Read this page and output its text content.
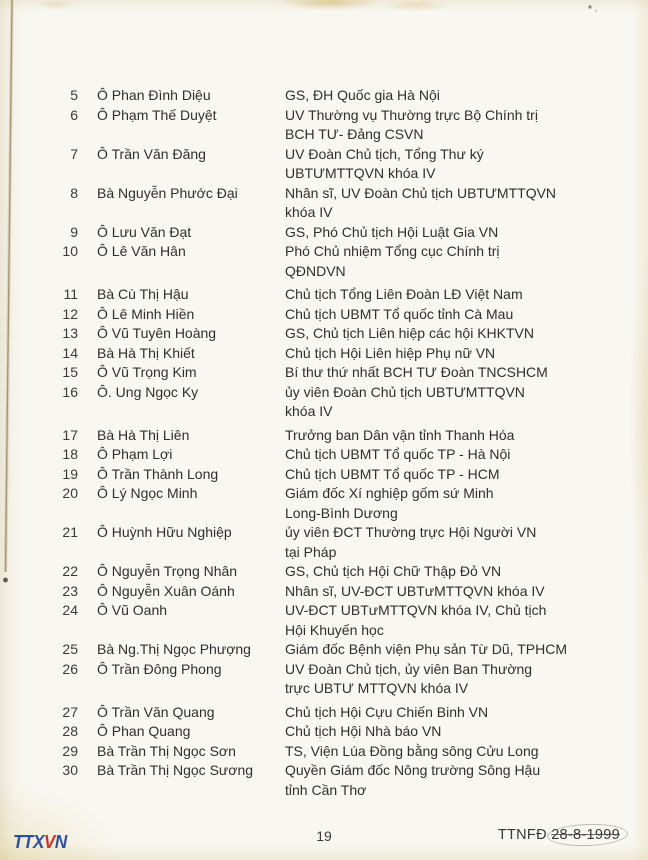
5 Ô Phan Đình Diệu	GS, ĐH Quốc gia Hà Nội
6 Ô Phạm Thế Duyệt	UV Thường vụ Thường trực Bộ Chính trị
BCH TƯ- Đảng CSVN
7 Ô Trần Văn Đăng	UV Đoàn Chủ tịch, Tổng Thư ký
UBTƯMTTQVN khóa IV
8 Bà Nguyễn Phước Đại	Nhân sĩ, UV Đoàn Chủ tịch UBTƯMTTQVN
khóa IV
9 Ô Lưu Văn Đạt	GS, Phó Chủ tịch Hội Luật Gia VN
10 Ô Lê Văn Hân	Phó Chủ nhiệm Tổng cục Chính trị
QĐNDVN
11 Bà Cù Thị Hậu	Chủ tịch Tổng Liên Đoàn LĐ Việt Nam
12 Ô Lê Minh Hiền	Chủ tịch UBMT Tổ quốc tỉnh Cà Mau
13 Ô Vũ Tuyên Hoàng	GS, Chủ tịch Liên hiệp các hội KHKTVN
14 Bà Hà Thị Khiết	Chủ tịch Hội Liên hiệp Phụ nữ VN
15 Ô Vũ Trọng Kim	Bí thư thứ nhất BCH TƯ Đoàn TNCSHCM
16 Ô. Ung Ngọc Ky	ủy viên Đoàn Chủ tịch UBTƯMTTQVN
khóa IV
17 Bà Hà Thị Liên	Trưởng ban Dân vận tỉnh Thanh Hóa
18 Ô Phạm Lợi	Chủ tịch UBMT Tổ quốc TP - Hà Nội
19 Ô Trần Thành Long	Chủ tịch UBMT Tổ quốc TP - HCM
20 Ô Lý Ngọc Minh	Giám đốc Xí nghiệp gốm sứ Minh
Long-Bình Dương
21 Ô Huỳnh Hữu Nghiệp	ủy viên ĐCT Thường trực Hội Người VN
tại Pháp
22 Ô Nguyễn Trọng Nhân	GS, Chủ tịch Hội Chữ Thập Đỏ VN
23 Ô Nguyễn Xuân Oánh	Nhân sĩ, UV-ĐCT UBTưMTTQVN khóa IV
24 Ô Vũ Oanh	UV-ĐCT UBTưMTTQVN khóa IV, Chủ tịch
Hội Khuyến học
25 Bà Ng.Thị Ngọc Phượng	Giám đốc Bệnh viện Phụ sản Từ Dũ, TPHCM
26 Ô Trần Đông Phong	UV Đoàn Chủ tịch, ủy viên Ban Thường
trực UBTƯ MTTQVN khóa IV
27 Ô Trần Văn Quang	Chủ tịch Hội Cựu Chiến Binh VN
28 Ô Phan Quang	Chủ tịch Hội Nhà báo VN
29 Bà Trần Thị Ngọc Sơn	TS, Viện Lúa Đồng bằng sông Cửu Long
30 Bà Trần Thị Ngọc Sương	Quyền Giám đốc Nông trường Sông Hậu
tỉnh Cần Thơ
TTXVN	19	TTNFĐ 28-8-1999
